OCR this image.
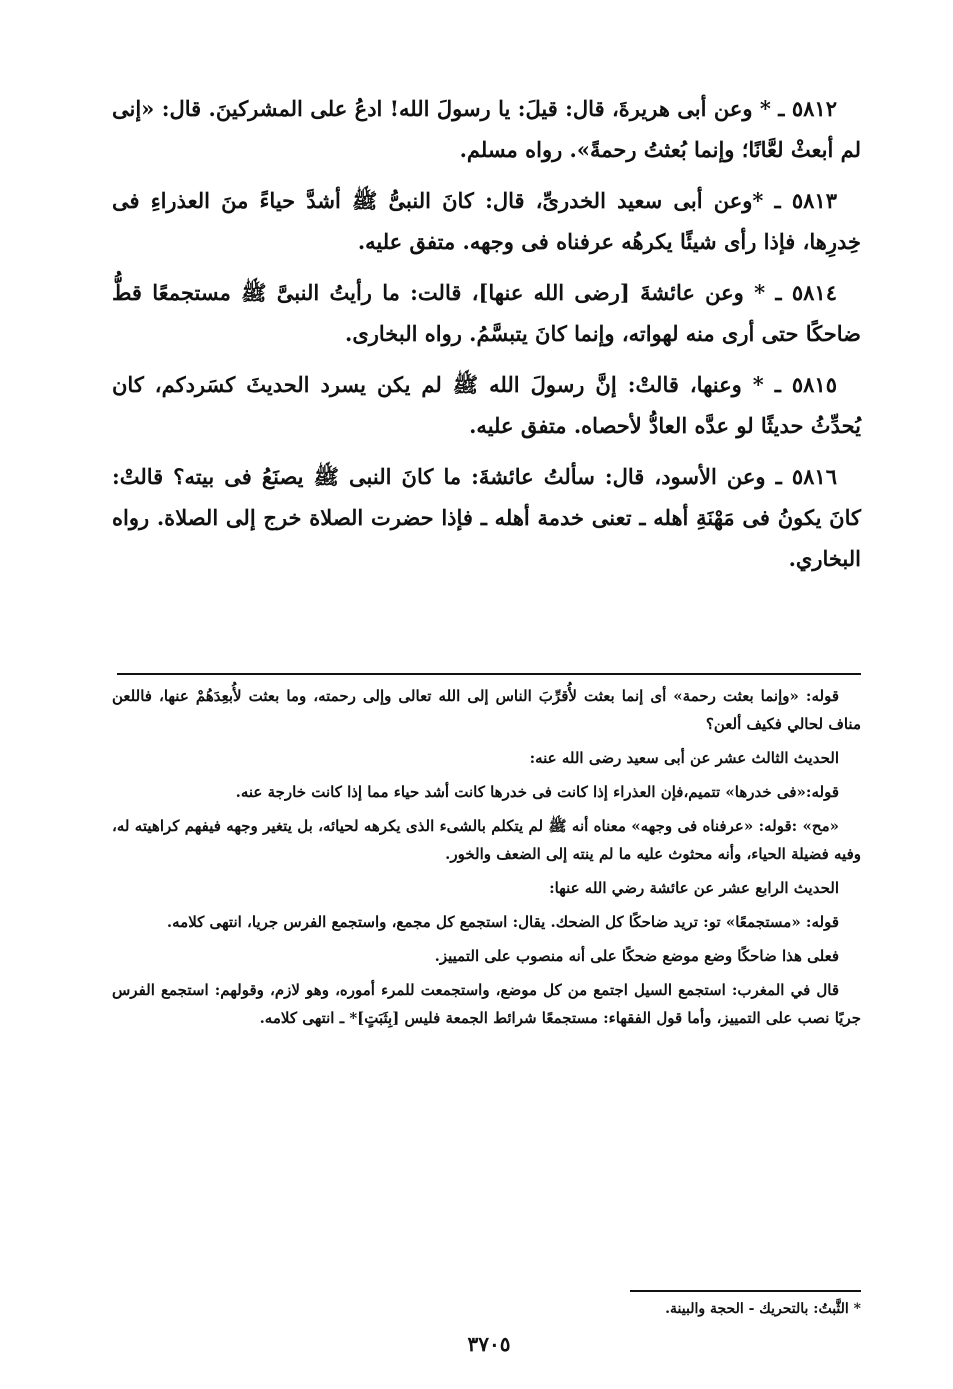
٥٨١٢ ـ * وعن أبى هريرةَ، قال: قيلَ: يا رسولَ الله! ادعُ على المشركينَ. قال: «إنى لم أبعثْ لعَّانًا؛ وإنما بُعثتُ رحمةً». رواه مسلم.

٥٨١٣ ـ *وعن أبى سعيد الخدرىِّ، قال: كانَ النبىُّ ﷺ أشدَّ حياءً منَ العذراءِ فى خِدرِها، فإذا رأى شيئًا يكرهُه عرفناه فى وجهه. متفق عليه.

٥٨١٤ ـ * وعن عائشةَ [رضى الله عنها]، قالت: ما رأيتُ النبىَّ ﷺ مستجمعًا قطُّ ضاحكًا حتى أرى منه لهواته، وإنما كانَ يتبسَّمُ. رواه البخارى.

٥٨١٥ ـ * وعنها، قالتْ: إنَّ رسولَ الله ﷺ لم يكن يسرد الحديثَ كسَردكم، كان يُحدِّثُ حديثًا لو عدَّه العادُّ لأحصاه. متفق عليه.

٥٨١٦ ـ وعن الأسود، قال: سألتُ عائشةَ: ما كانَ النبى ﷺ يصنَعُ فى بيته؟ قالتْ: كانَ يكونُ فى مَهْنَةِ أهله ـ تعنى خدمة أهله ـ فإذا حضرت الصلاة خرج إلى الصلاة. رواه البخاري.

قوله: «وإنما بعثت رحمة» أى إنما بعثت لأُقرِّبَ الناس إلى الله تعالى وإلى رحمته، وما بعثت لأُبعِدَهُمْ عنها، فاللعن مناف لحالي فكيف ألعن؟

الحديث الثالث عشر عن أبى سعيد رضى الله عنه:

قوله:«فى خدرها» تتميم،فإن العذراء إذا كانت فى خدرها كانت أشد حياء مما إذا كانت خارجة عنه.

«مح» :قوله: «عرفناه فى وجهه» معناه أنه ﷺ لم يتكلم بالشىء الذى يكرهه لحيائه، بل يتغير وجهه فيفهم كراهيته له، وفيه فضيلة الحياء، وأنه محثوث عليه ما لم ينته إلى الضعف والخور.

الحديث الرابع عشر عن عائشة رضي الله عنها:

قوله: «مستجمعًا» تو: تريد ضاحكًا كل الضحك. يقال: استجمع كل مجمع، واستجمع الفرس جريا، انتهى كلامه.

فعلى هذا ضاحكًا وضع موضع ضحكًا على أنه منصوب على التمييز.

قال في المغرب: استجمع السيل اجتمع من كل موضع، واستجمعت للمرء أموره، وهو لازم، وقولهم: استجمع الفرس جريًا نصب على التمييز، وأما قول الفقهاء: مستجمعًا شرائط الجمعة فليس [بِثَبَتٍ]* ـ انتهى كلامه.

* الثَّبتُ: بالتحريك - الحجة والبينة.
٣٧٠٥
